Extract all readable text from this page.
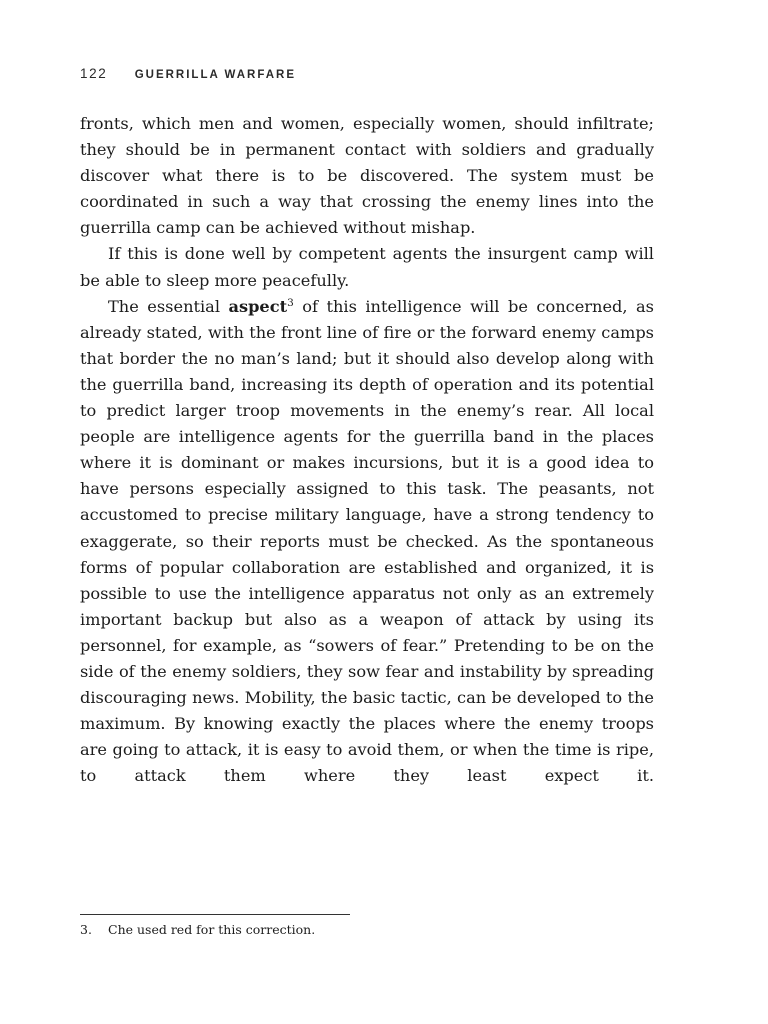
122 GUERRILLA WARFARE

fronts, which men and women, especially women, should infiltrate; they should be in permanent contact with soldiers and gradually discover what there is to be discovered. The system must be coordinated in such a way that crossing the enemy lines into the guerrilla camp can be achieved without mishap.

If this is done well by competent agents the insurgent camp will be able to sleep more peacefully.

The essential aspect$^3$ of this intelligence will be concerned, as already stated, with the front line of fire or the forward enemy camps that border the no man’s land; but it should also develop along with the guerrilla band, increasing its depth of operation and its potential to predict larger troop movements in the enemy’s rear. All local people are intelligence agents for the guerrilla band in the places where it is dominant or makes incursions, but it is a good idea to have persons especially assigned to this task. The peasants, not accustomed to precise military language, have a strong tendency to exaggerate, so their reports must be checked. As the spontaneous forms of popular collaboration are established and organized, it is possible to use the intelligence apparatus not only as an extremely important backup but also as a weapon of attack by using its personnel, for example, as “sowers of fear.” Pretending to be on the side of the enemy soldiers, they sow fear and instability by spreading discouraging news. Mobility, the basic tactic, can be developed to the maximum. By knowing exactly the places where the enemy troops are going to attack, it is easy to avoid them, or when the time is ripe, to attack them where they least expect it.

3. Che used red for this correction.
